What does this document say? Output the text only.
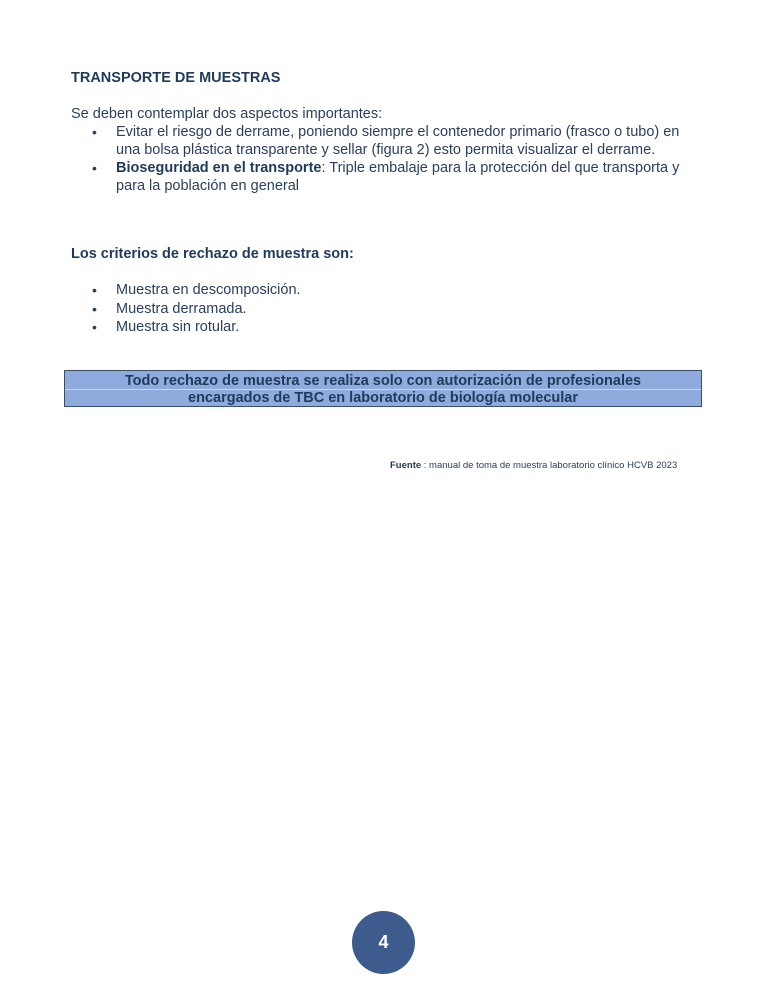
TRANSPORTE DE MUESTRAS

Se deben contemplar dos aspectos importantes:

• Evitar el riesgo de derrame, poniendo siempre el contenedor primario (frasco o tubo) en una bolsa plástica transparente y sellar (figura 2) esto permita visualizar el derrame.
• Bioseguridad en el transporte: Triple embalaje para la protección del que transporta y para la población en general
Los criterios de rechazo de muestra son:
• Muestra en descomposición.
• Muestra derramada.
• Muestra sin rotular.
Todo rechazo de muestra se realiza solo con autorización de profesionales
encargados de TBC en laboratorio de biología molecular

Fuente : manual de toma de muestra laboratorio clínico HCVB 2023

4
